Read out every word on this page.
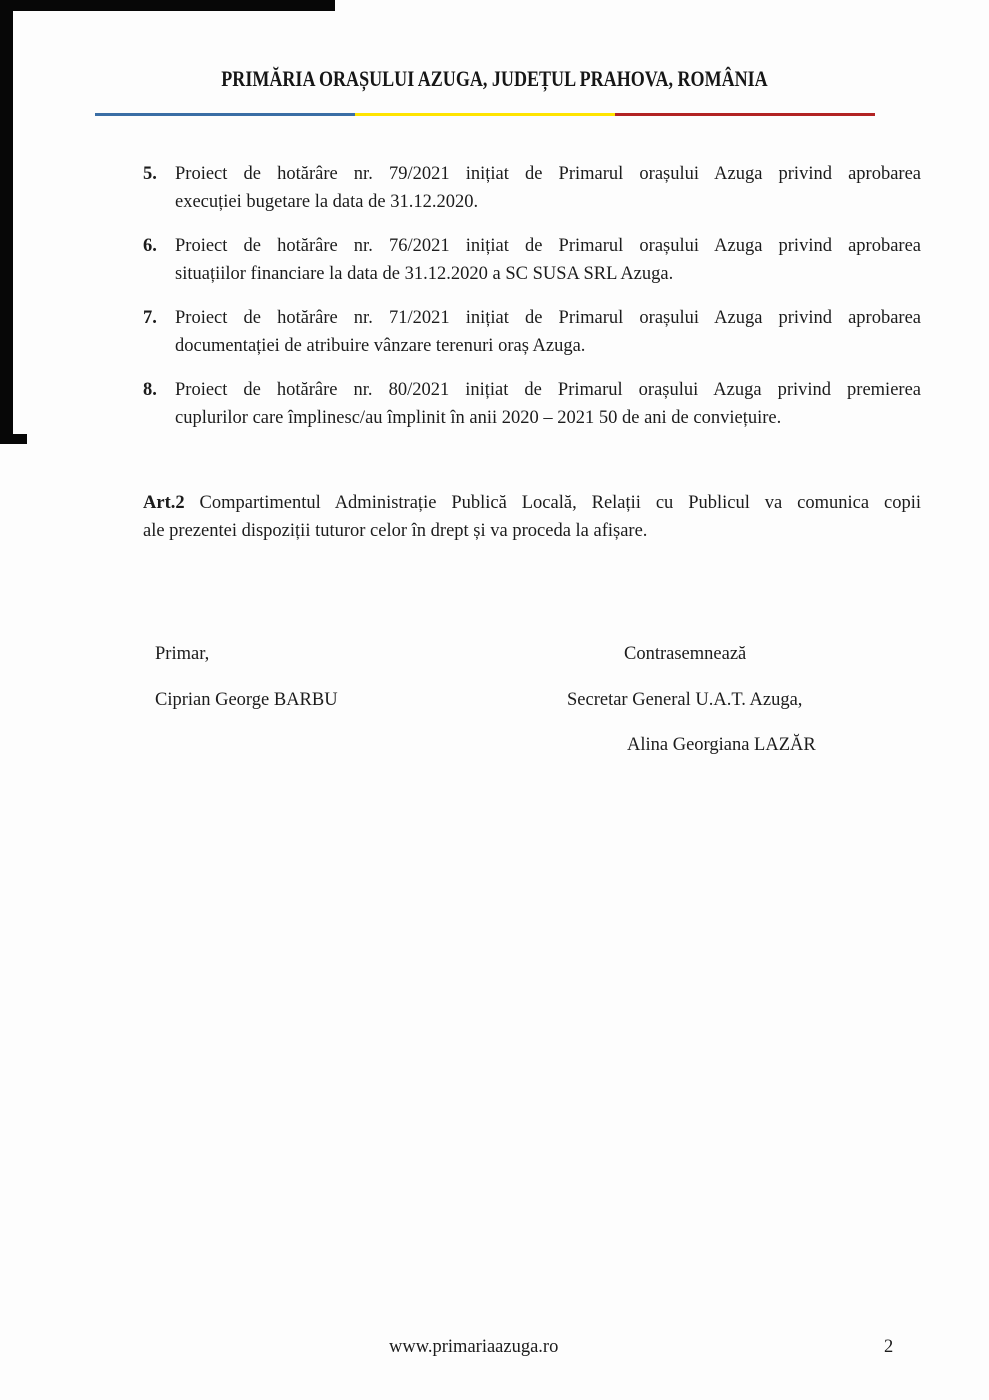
PRIMĂRIA ORAȘULUI AZUGA, JUDEȚUL PRAHOVA, ROMÂNIA
5. Proiect de hotărâre nr. 79/2021 inițiat de Primarul orașului Azuga privind aprobarea
execuției bugetare la data de 31.12.2020.
6. Proiect de hotărâre nr. 76/2021 inițiat de Primarul orașului Azuga privind aprobarea
situațiilor financiare la data de 31.12.2020 a SC SUSA SRL Azuga.
7. Proiect de hotărâre nr. 71/2021 inițiat de Primarul orașului Azuga privind aprobarea
documentației de atribuire vânzare terenuri oraș Azuga.
8. Proiect de hotărâre nr. 80/2021 inițiat de Primarul orașului Azuga privind premierea
cuplurilor care împlinesc/au împlinit în anii 2020 – 2021 50 de ani de conviețuire.
Art.2 Compartimentul Administrație Publică Locală, Relații cu Publicul va comunica copii
ale prezentei dispoziții tuturor celor în drept și va proceda la afișare.
Primar,
Ciprian George BARBU
Contrasemnează
Secretar General U.A.T. Azuga,
Alina Georgiana LAZĂR
www.primariaazuga.ro	2
